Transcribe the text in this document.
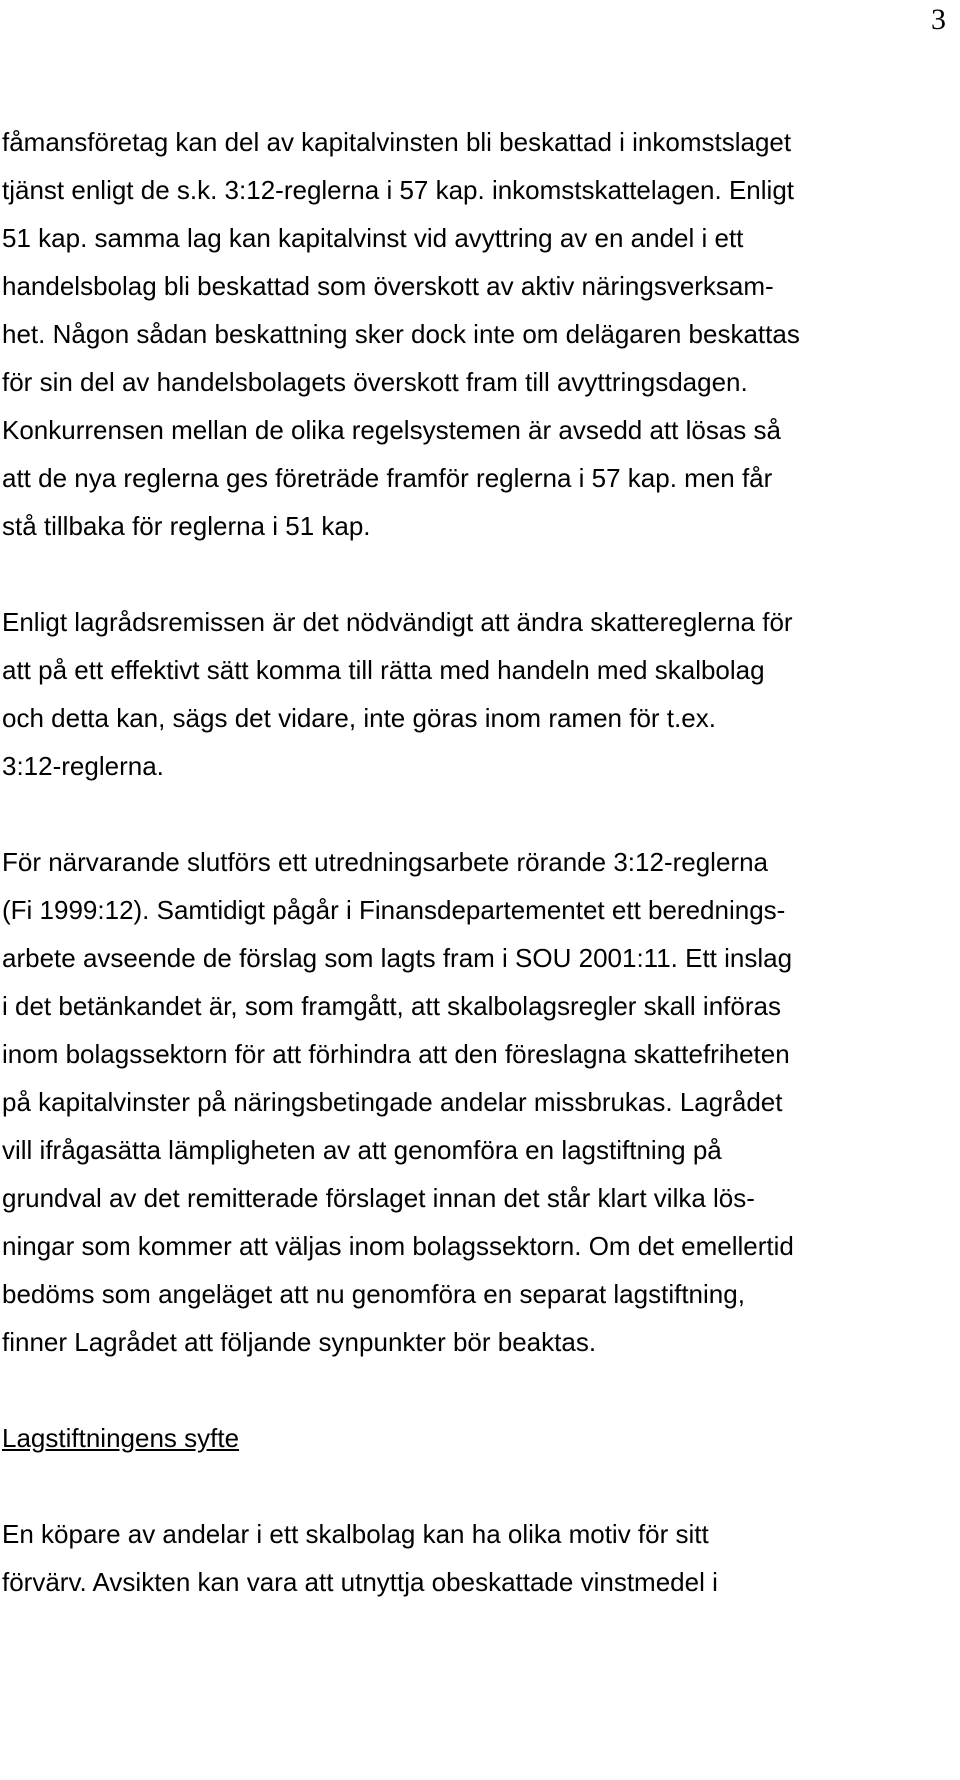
3

fåmansföretag kan del av kapitalvinsten bli beskattad i inkomstslaget
tjänst enligt de s.k. 3:12-reglerna i 57 kap. inkomstskattelagen. Enligt
51 kap. samma lag kan kapitalvinst vid avyttring av en andel i ett
handelsbolag bli beskattad som överskott av aktiv näringsverksam-
het. Någon sådan beskattning sker dock inte om delägaren beskattas
för sin del av handelsbolagets överskott fram till avyttringsdagen.
Konkurrensen mellan de olika regelsystemen är avsedd att lösas så
att de nya reglerna ges företräde framför reglerna i 57 kap. men får
stå tillbaka för reglerna i 51 kap.

Enligt lagrådsremissen är det nödvändigt att ändra skattereglerna för
att på ett effektivt sätt komma till rätta med handeln med skalbolag
och detta kan, sägs det vidare, inte göras inom ramen för t.ex.
3:12-reglerna.

För närvarande slutförs ett utredningsarbete rörande 3:12-reglerna
(Fi 1999:12). Samtidigt pågår i Finansdepartementet ett berednings-
arbete avseende de förslag som lagts fram i SOU 2001:11. Ett inslag
i det betänkandet är, som framgått, att skalbolagsregler skall införas
inom bolagssektorn för att förhindra att den föreslagna skattefriheten
på kapitalvinster på näringsbetingade andelar missbrukas. Lagrådet
vill ifrågasätta lämpligheten av att genomföra en lagstiftning på
grundval av det remitterade förslaget innan det står klart vilka lös-
ningar som kommer att väljas inom bolagssektorn. Om det emellertid
bedöms som angeläget att nu genomföra en separat lagstiftning,
finner Lagrådet att följande synpunkter bör beaktas.

Lagstiftningens syfte

En köpare av andelar i ett skalbolag kan ha olika motiv för sitt
förvärv. Avsikten kan vara att utnyttja obeskattade vinstmedel i
